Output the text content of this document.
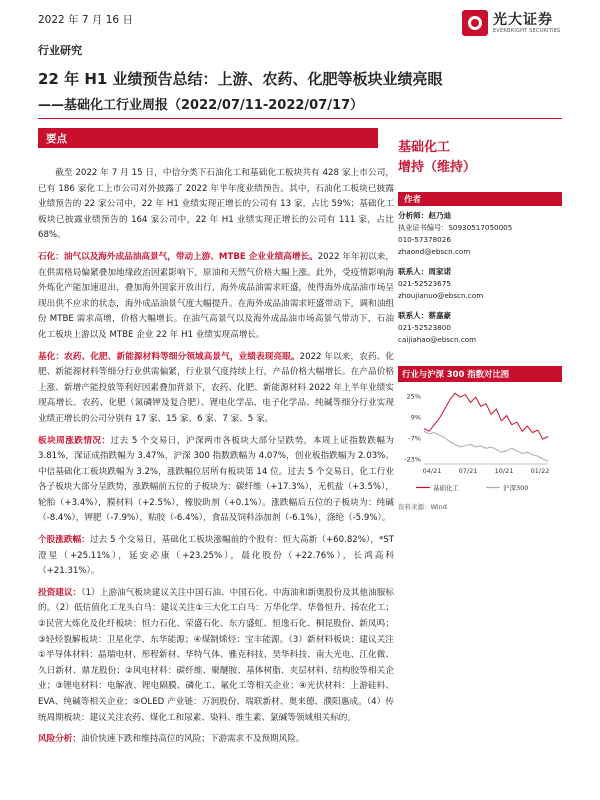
2022 年 7 月 16 日	光大证券
EVERBRIGHT SECURITIES
行业研究
22 年 H1 业绩预告总结：上游、农药、化肥等板块业绩亮眼
——基础化工行业周报（2022/07/11-2022/07/17）
要点

截至 2022 年 7 月 15 日，中信分类下石油化工和基础化工板块共有 428 家上市公司，已有 186 家化工上市公司对外披露了 2022 年半年度业绩预告。其中，石油化工板块已披露业绩预告的 22 家公司中，22 年 H1 业绩实现正增长的公司有 13 家，占比 59%；基础化工板块已披露业绩预告的 164 家公司中，22 年 H1 业绩实现正增长的公司有 111 家，占比 68%。

石化：油气以及海外成品油高景气，带动上游、MTBE 企业业绩高增长。2022 年年初以来，在供需格局偏紧叠加地缘政治因素影响下，原油和天然气价格大幅上涨。此外，受疫情影响海外炼化产能加速退出，叠加海外国家开放出行，海外成品油需求旺盛，使得海外成品油市场呈现出供不应求的状态，海外成品油景气度大幅提升。在海外成品油需求旺盛带动下，调和油组份 MTBE 需求高增，价格大幅增长。在油气高景气以及海外成品油市场高景气带动下，石油化工板块上游以及 MTBE 企业 22 年 H1 业绩实现高增长。

基化：农药、化肥、新能源材料等细分领域高景气，业绩表现亮眼。2022 年以来，农药、化肥、新能源材料等细分行业供需偏紧，行业景气度持续上行，产品价格大幅增长。在产品价格上涨、新增产能投放等利好因素叠加背景下，农药、化肥、新能源材料 2022 年上半年业绩实现高增长。农药、化肥（氮磷钾及复合肥）、锂电化学品、电子化学品、纯碱等细分行业实现业绩正增长的公司分别有 17 家、15 家、6 家、7 家、5 家。

板块周涨跌情况：过去 5 个交易日，沪深两市各板块大部分呈跌势，本周上证指数跌幅为 3.81%，深证成指跌幅为 3.47%，沪深 300 指数跌幅为 4.07%，创业板指跌幅为 2.03%。中信基础化工板块跌幅为 3.2%，涨跌幅位居所有板块第 14 位。过去 5 个交易日，化工行业各子板块大部分呈跌势，涨跌幅前五位的子板块为：碳纤维（+17.3%），无机盐（+3.5%），轮胎（+3.4%），膜材料（+2.5%），橡胶助剂（+0.1%）。涨跌幅后五位的子板块为：纯碱（-8.4%），钾肥（-7.9%），粘胶（-6.4%），食品及饲料添加剂（-6.1%），涤纶（-5.9%）。

个股涨跌幅：过去 5 个交易日，基础化工板块涨幅前的个股有：恒大高新（+60.82%），*ST 澄星（+25.11%），延安必康（+23.25%），晨化股份（+22.76%），长鸿高科（+21.31%）。

投资建议：（1）上游油气板块建议关注中国石油、中国石化、中海油和新奥股份及其他油服标的。（2）低估值化工龙头白马：建议关注①三大化工白马：万华化学、华鲁恒升、扬农化工；②民营大炼化及化纤板块：恒力石化、荣盛石化、东方盛虹、恒逸石化、桐昆股份、新凤鸣；③轻烃裂解板块：卫星化学、东华能源；④煤制烯烃：宝丰能源。（3）新材料板块：建议关注①半导体材料：晶瑞电材、彤程新材、华特气体、雅克科技、昊华科技、南大光电、江化微、久日新材、鼎龙股份；②风电材料：碳纤维、聚醚胺、基体树脂、夹层材料、结构胶等相关企业；③锂电材料：电解液、锂电隔膜、磷化工、氟化工等相关企业；④光伏材料：上游硅料、EVA、纯碱等相关企业；⑤OLED 产业链：万润股份、瑞联新材、奥来德、濮阳惠成。（4）传统周期板块：建议关注农药、煤化工和尿素、染料、维生素、氯碱等领域相关标的。

风险分析：油价快速下跌和维持高位的风险；下游需求不及预期风险。

基础化工
增持（维持）
作者
分析师：赵乃迪
执业证书编号：S0930517050005
010-57378026
zhaond@ebscn.com
联系人：周家诺
021-52523675
zhoujianuo@ebscn.com
联系人：蔡嘉豪
021-52523800
caijiahao@ebscn.com
行业与沪深 300 指数对比图
25%
9%
-7%
-23%
04/21	07/21	10/21	01/22
基础化工	沪深300
资料来源：Wind
